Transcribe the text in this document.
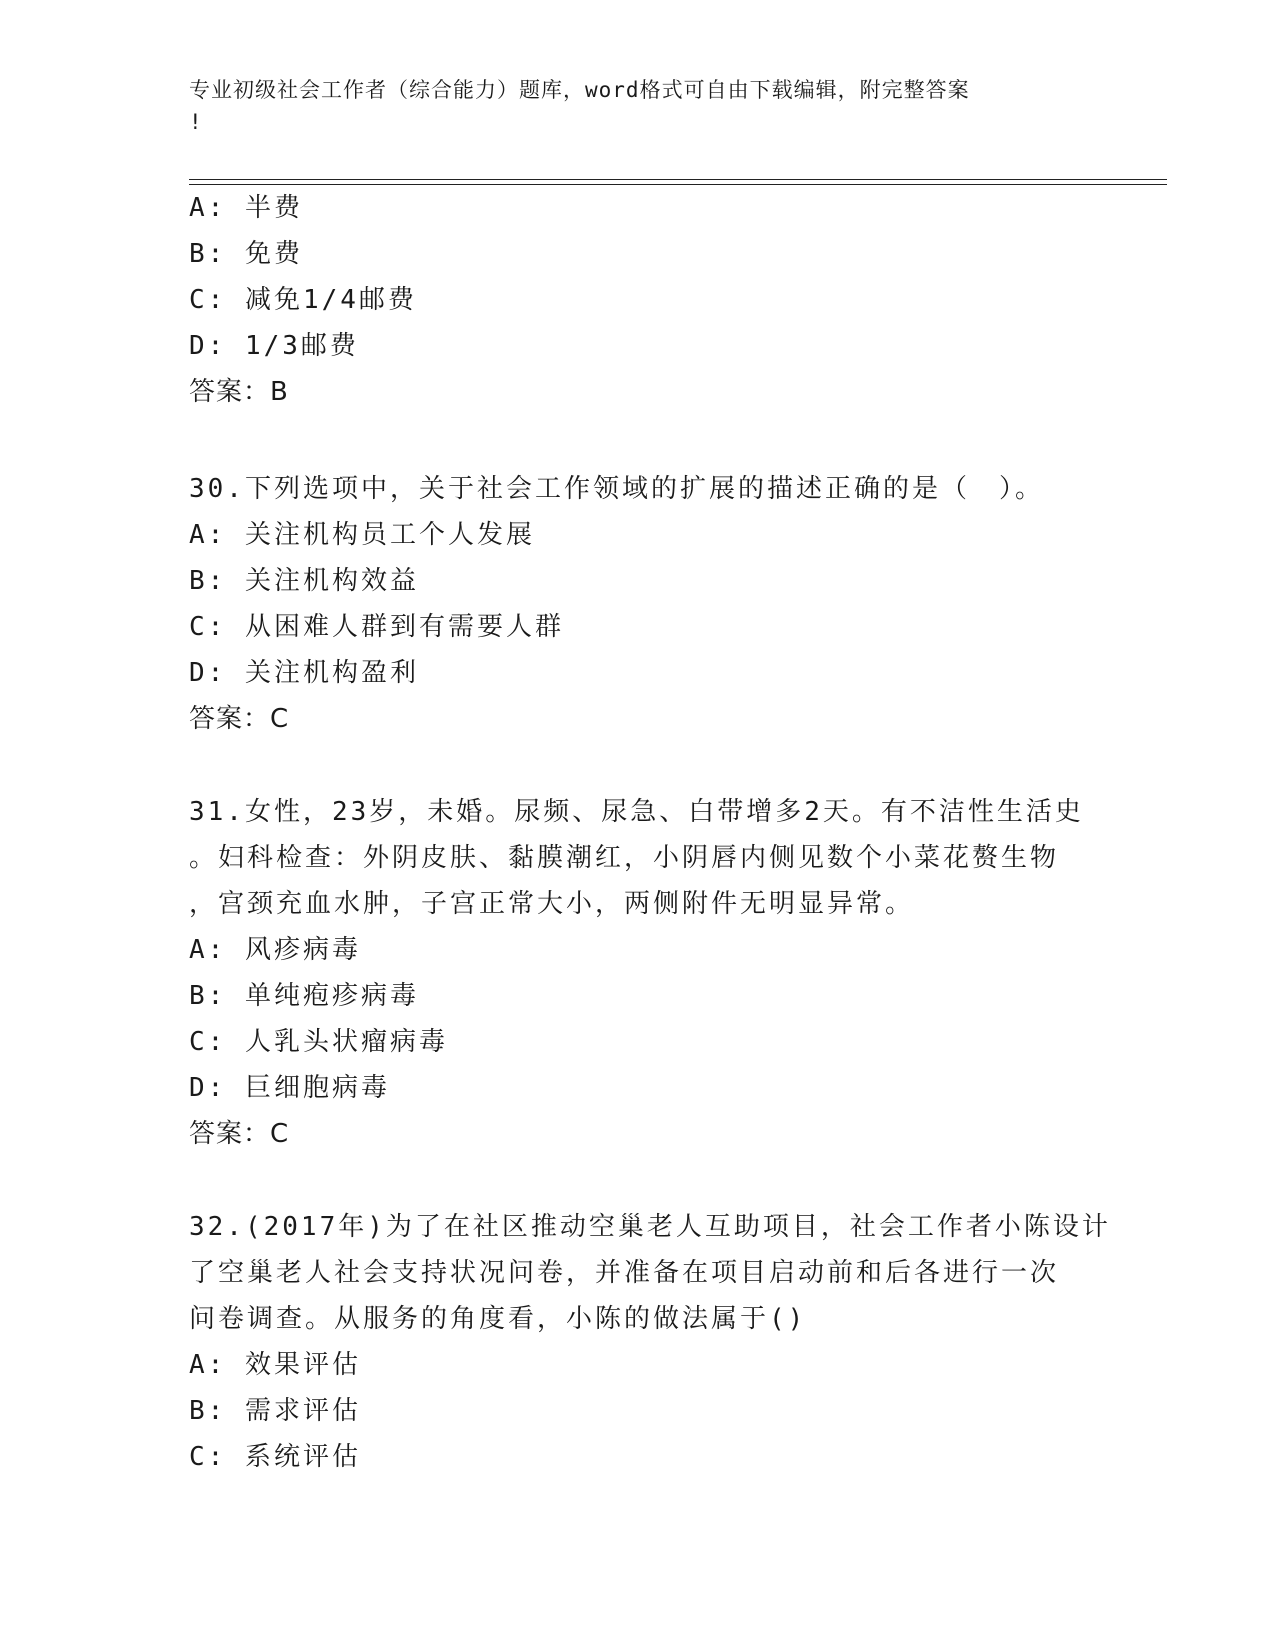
专业初级社会工作者（综合能力）题库，word格式可自由下载编辑，附完整答案
!
A: 半费
B: 免费
C: 减免1/4邮费
D: 1/3邮费
答案：B
30.下列选项中，关于社会工作领域的扩展的描述正确的是（　）。
A: 关注机构员工个人发展
B: 关注机构效益
C: 从困难人群到有需要人群
D: 关注机构盈利
答案：C
31.女性，23岁，未婚。尿频、尿急、白带增多2天。有不洁性生活史
。妇科检查：外阴皮肤、黏膜潮红，小阴唇内侧见数个小菜花赘生物
，宫颈充血水肿，子宫正常大小，两侧附件无明显异常。
A: 风疹病毒
B: 单纯疱疹病毒
C: 人乳头状瘤病毒
D: 巨细胞病毒
答案：C
32.(2017年)为了在社区推动空巢老人互助项目，社会工作者小陈设计
了空巢老人社会支持状况问卷，并准备在项目启动前和后各进行一次
问卷调查。从服务的角度看，小陈的做法属于()
A: 效果评估
B: 需求评估
C: 系统评估
